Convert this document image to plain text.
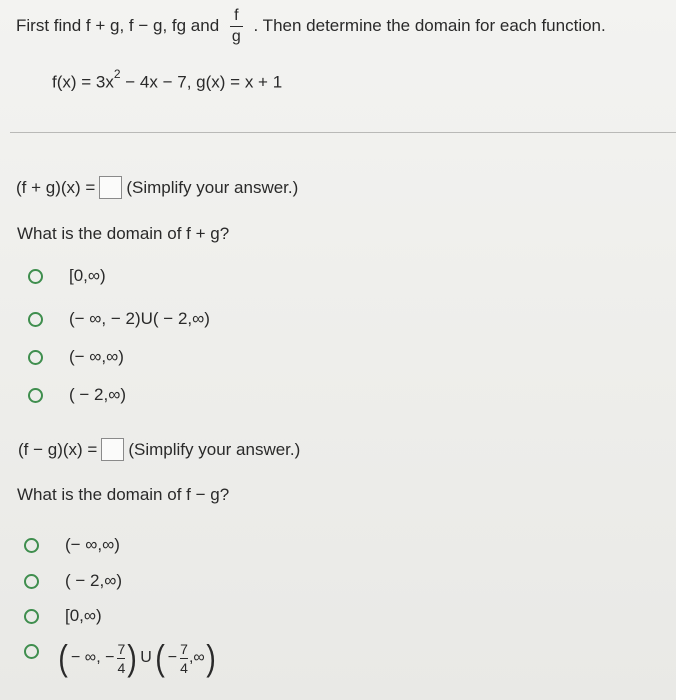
First find f + g, f − g, fg and $\frac{f}{g}$ . Then determine the domain for each function.
$f(x) = 3x^2 - 4x - 7$, g(x) = x + 1
(f + g)(x) = (Simplify your answer.)
What is the domain of f + g?
[0,∞)
(− ∞, − 2)U( − 2,∞)
(− ∞,∞)
( − 2,∞)
(f − g)(x) = (Simplify your answer.)
What is the domain of f − g?
(− ∞,∞)
( − 2,∞)
[0,∞)
( − ∞, −
7
4 ) U ( −
7
4
,∞ )
